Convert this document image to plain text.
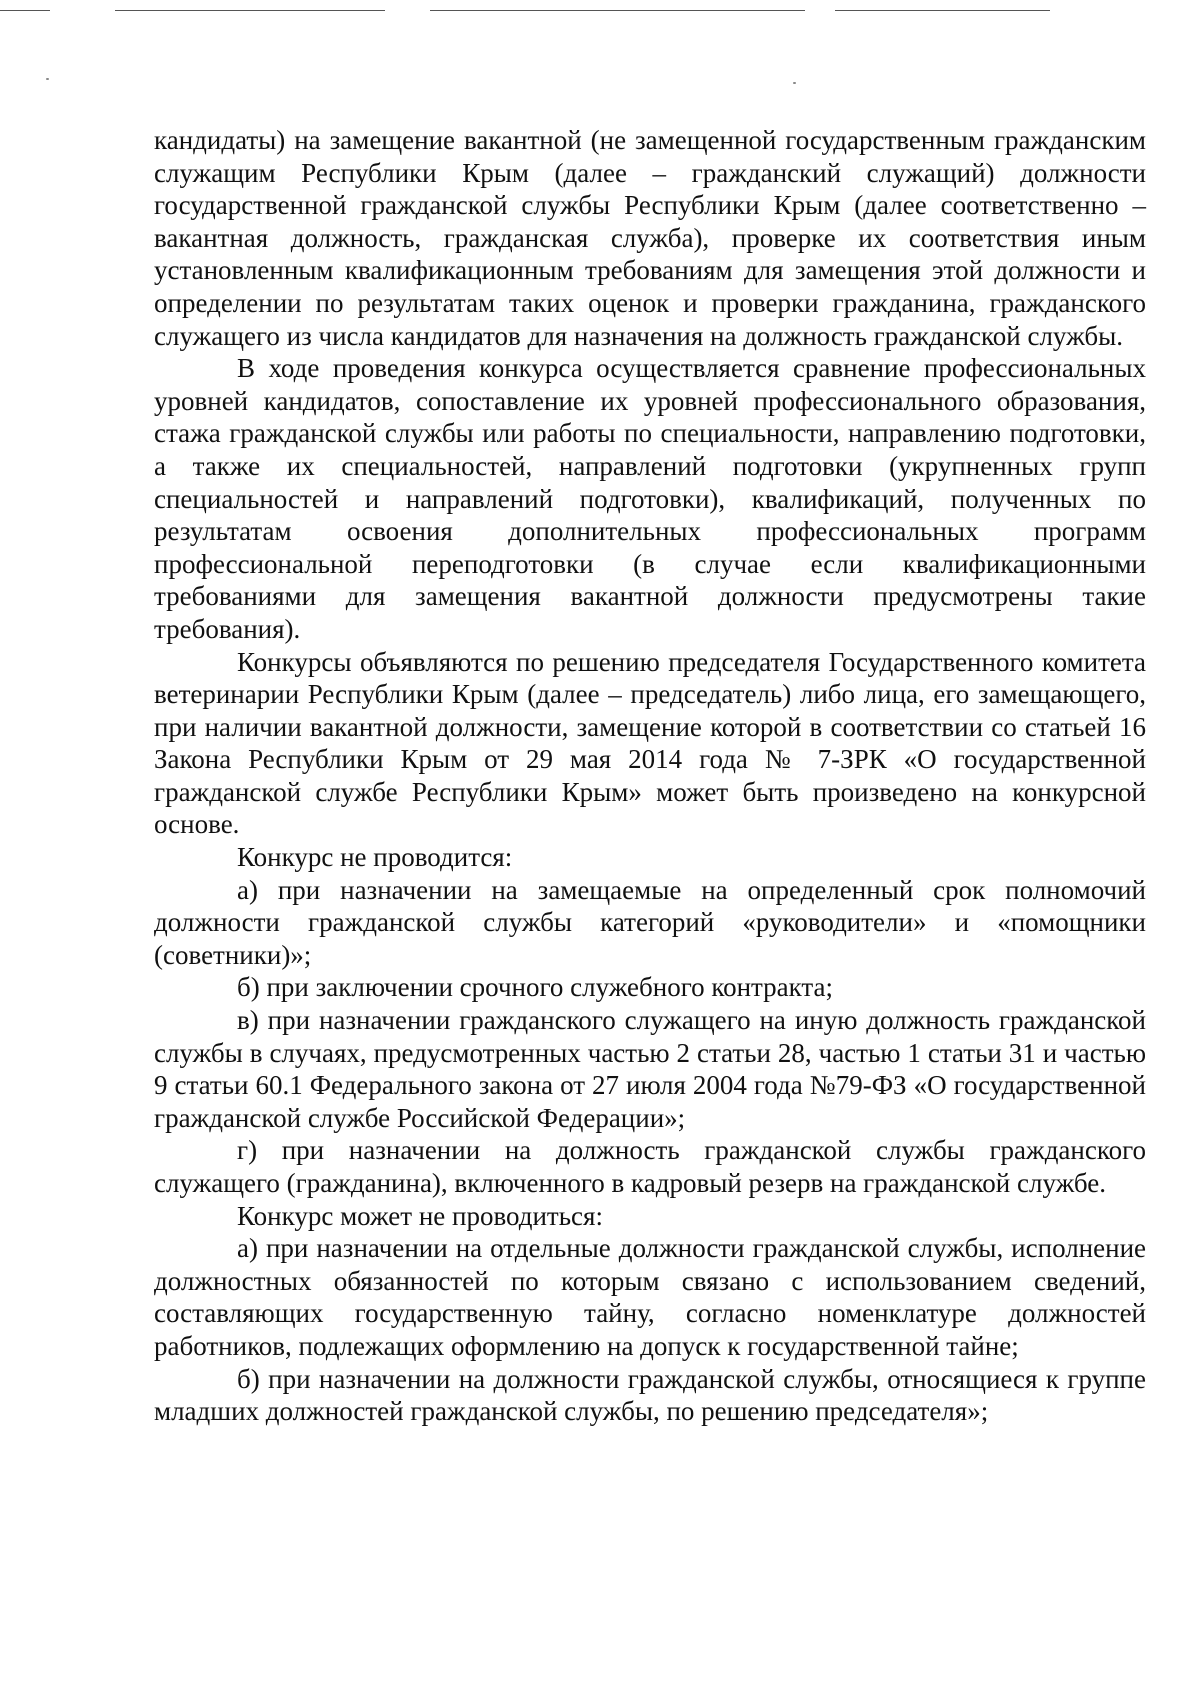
кандидаты) на замещение вакантной (не замещенной государственным гражданским служащим Республики Крым (далее – гражданский служащий) должности государственной гражданской службы Республики Крым (далее соответственно – вакантная должность, гражданская служба), проверке их соответствия иным установленным квалификационным требованиям для замещения этой должности и определении по результатам таких оценок и проверки гражданина, гражданского служащего из числа кандидатов для назначения на должность гражданской службы.

В ходе проведения конкурса осуществляется сравнение профессиональных уровней кандидатов, сопоставление их уровней профессионального образования, стажа гражданской службы или работы по специальности, направлению подготовки, а также их специальностей, направлений подготовки (укрупненных групп специальностей и направлений подготовки), квалификаций, полученных по результатам освоения дополнительных профессиональных программ профессиональной переподготовки (в случае если квалификационными требованиями для замещения вакантной должности предусмотрены такие требования).

Конкурсы объявляются по решению председателя Государственного комитета ветеринарии Республики Крым (далее – председатель) либо лица, его замещающего, при наличии вакантной должности, замещение которой в соответствии со статьей 16 Закона Республики Крым от 29 мая 2014 года № 7-ЗРК «О государственной гражданской службе Республики Крым» может быть произведено на конкурсной основе.

Конкурс не проводится:

а) при назначении на замещаемые на определенный срок полномочий должности гражданской службы категорий «руководители» и «помощники (советники)»;

б) при заключении срочного служебного контракта;

в) при назначении гражданского служащего на иную должность гражданской службы в случаях, предусмотренных частью 2 статьи 28, частью 1 статьи 31 и частью 9 статьи 60.1 Федерального закона от 27 июля 2004 года №79-ФЗ «О государственной гражданской службе Российской Федерации»;

г) при назначении на должность гражданской службы гражданского служащего (гражданина), включенного в кадровый резерв на гражданской службе.

Конкурс может не проводиться:

а) при назначении на отдельные должности гражданской службы, исполнение должностных обязанностей по которым связано с использованием сведений, составляющих государственную тайну, согласно номенклатуре должностей работников, подлежащих оформлению на допуск к государственной тайне;

б) при назначении на должности гражданской службы, относящиеся к группе младших должностей гражданской службы, по решению председателя»;
